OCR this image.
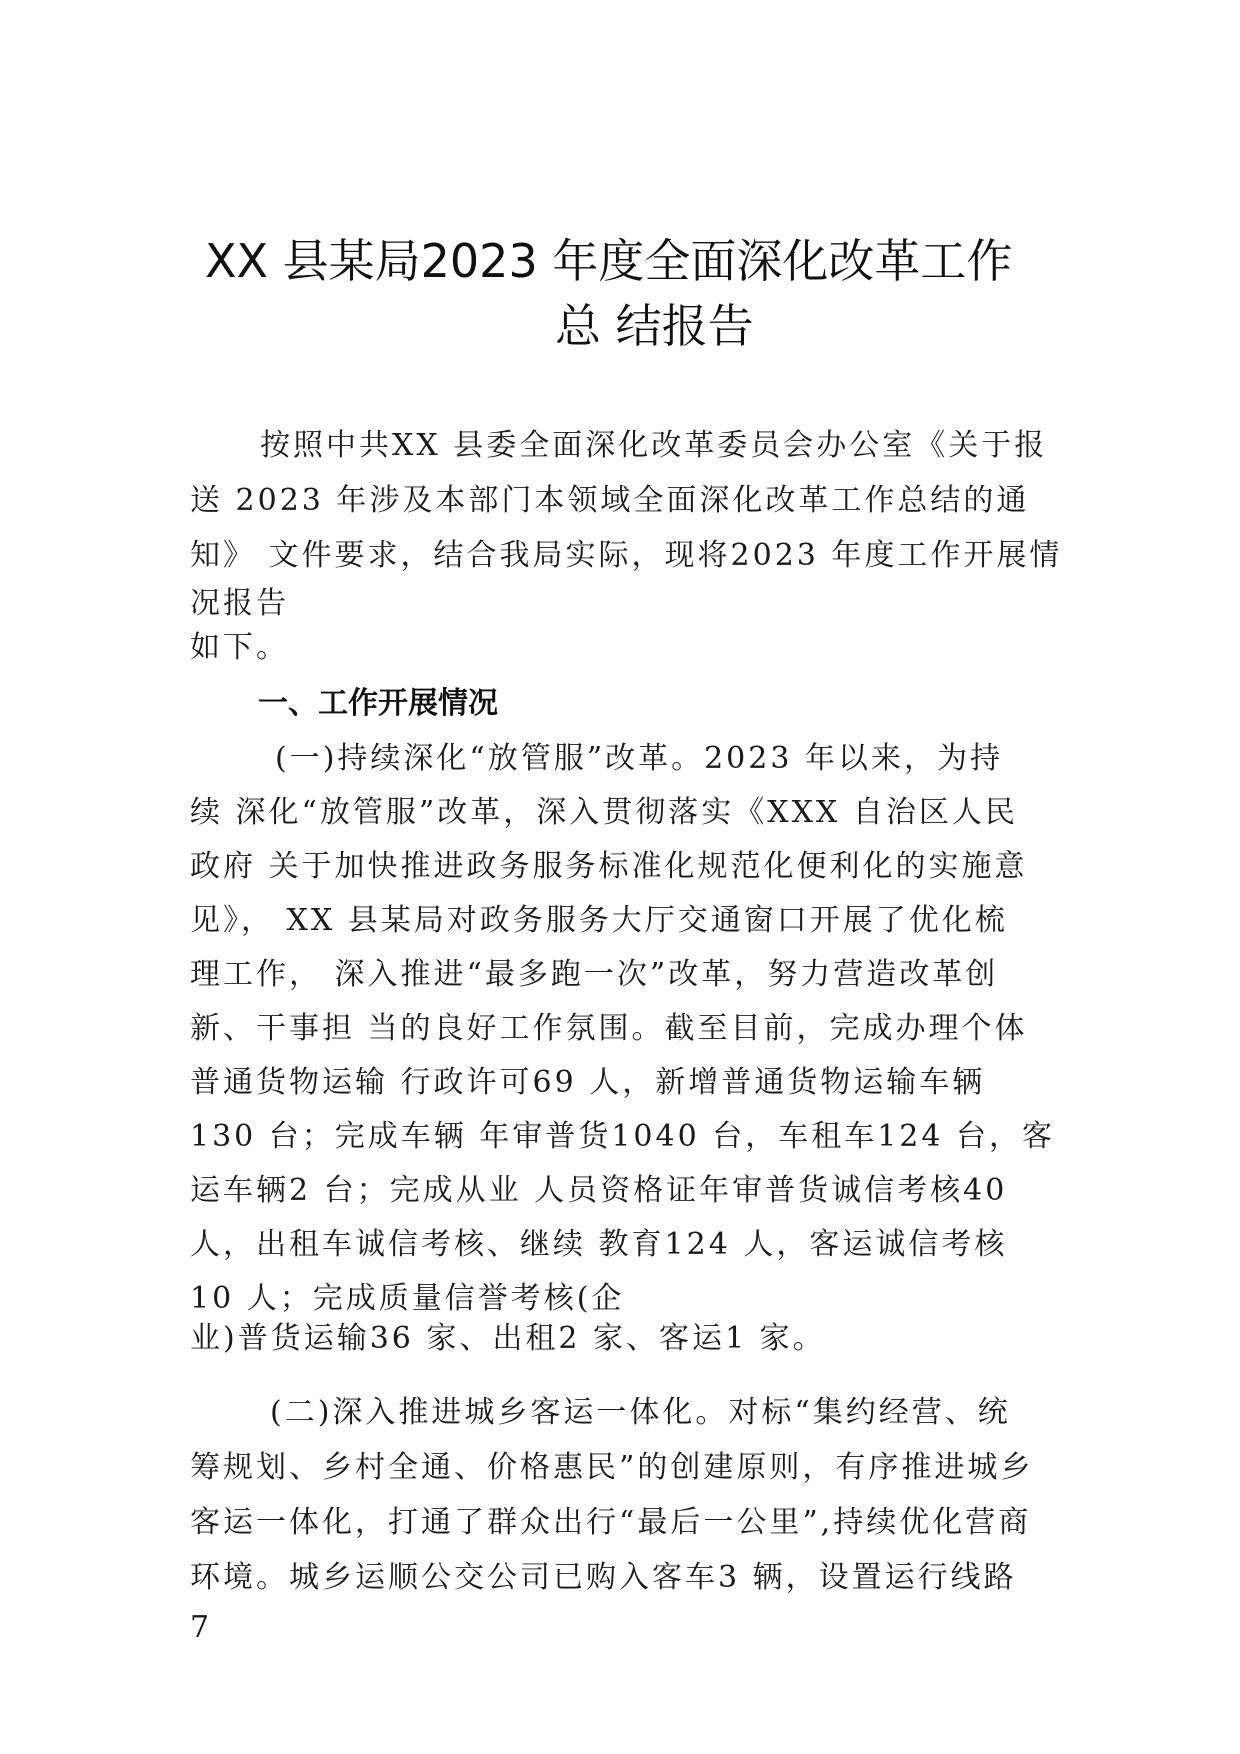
XX 县某局2023 年度全面深化改革工作
总 结报告

按照中共XX 县委全面深化改革委员会办公室《关于报

送 2023 年涉及本部门本领域全面深化改革工作总结的通

知》 文件要求，结合我局实际，现将2023 年度工作开展情

况报告

如下。

一、工作开展情况

(一)持续深化“放管服”改革。2023 年以来，为持

续 深化“放管服”改革，深入贯彻落实《XXX 自治区人民

政府 关于加快推进政务服务标准化规范化便利化的实施意

见》， XX 县某局对政务服务大厅交通窗口开展了优化梳

理工作， 深入推进“最多跑一次”改革，努力营造改革创

新、干事担 当的良好工作氛围。截至目前，完成办理个体

普通货物运输 行政许可69 人，新增普通货物运输车辆

130 台；完成车辆 年审普货1040 台，车租车124 台，客

运车辆2 台；完成从业 人员资格证年审普货诚信考核40

人，出租车诚信考核、继续 教育124 人，客运诚信考核

10 人；完成质量信誉考核(企

业)普货运输36 家、出租2 家、客运1 家。

(二)深入推进城乡客运一体化。对标“集约经营、统

筹规划、乡村全通、价格惠民”的创建原则，有序推进城乡

客运一体化，打通了群众出行“最后一公里”,持续优化营商

环境。城乡运顺公交公司已购入客车3 辆，设置运行线路

7
